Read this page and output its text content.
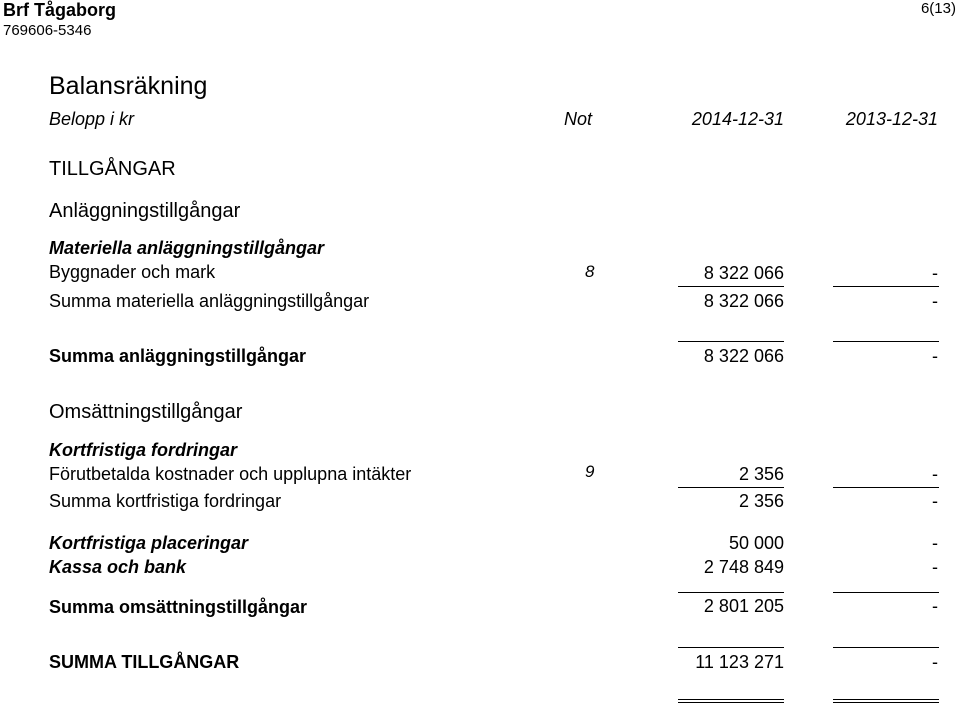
Brf Tågaborg
769606-5346
6(13)
Balansräkning
Belopp i kr	Not	2014-12-31	2013-12-31
TILLGÅNGAR
Anläggningstillgångar
Materiella anläggningstillgångar
Byggnader och mark	8	8 322 066	-
Summa materiella anläggningstillgångar	8 322 066	-
Summa anläggningstillgångar	8 322 066	-
Omsättningstillgångar
Kortfristiga fordringar
Förutbetalda kostnader och upplupna intäkter	9	2 356	-
Summa kortfristiga fordringar	2 356	-
Kortfristiga placeringar	50 000	-
Kassa och bank	2 748 849	-
Summa omsättningstillgångar	2 801 205	-
SUMMA TILLGÅNGAR	11 123 271	-
